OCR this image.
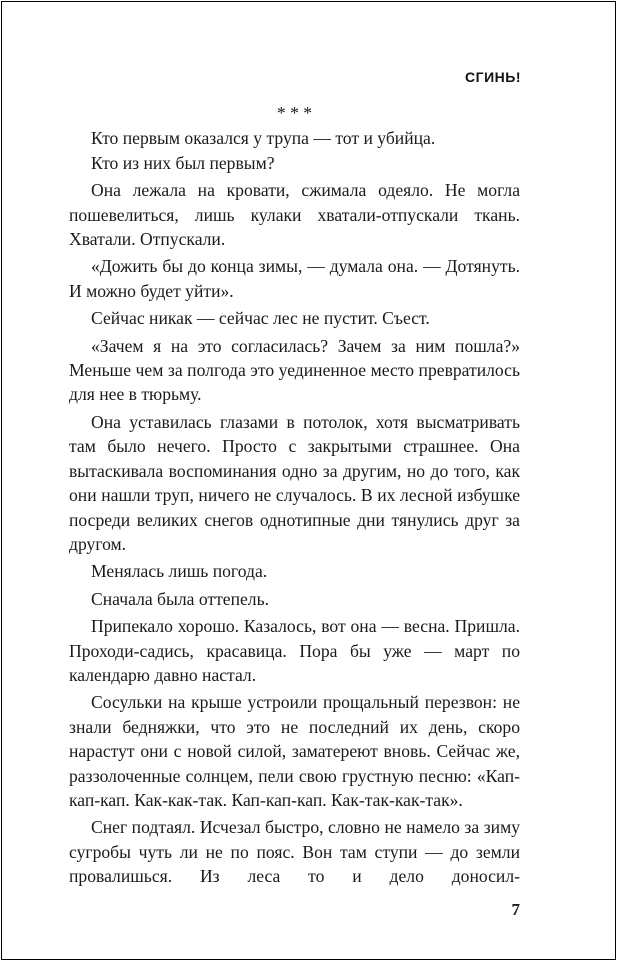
СГИНЬ!

* * *

Кто первым оказался у трупа — тот и убийца.

Кто из них был первым?

Она лежала на кровати, сжимала одеяло. Не могла пошевелиться, лишь кулаки хватали-отпускали ткань. Хватали. Отпускали.

«Дожить бы до конца зимы, — думала она. — Дотянуть. И можно будет уйти».

Сейчас никак — сейчас лес не пустит. Съест.

«Зачем я на это согласилась? Зачем за ним пошла?» Меньше чем за полгода это уединенное место превратилось для нее в тюрьму.

Она уставилась глазами в потолок, хотя высматривать там было нечего. Просто с закрытыми страшнее. Она вытаскивала воспоминания одно за другим, но до того, как они нашли труп, ничего не случалось. В их лесной избушке посреди великих снегов однотипные дни тянулись друг за другом.

Менялась лишь погода.

Сначала была оттепель.

Припекало хорошо. Казалось, вот она — весна. Пришла. Проходи-садись, красавица. Пора бы уже — март по календарю давно настал.

Сосульки на крыше устроили прощальный перезвон: не знали бедняжки, что это не последний их день, скоро нарастут они с новой силой, заматереют вновь. Сейчас же, раззолоченные солнцем, пели свою грустную песню: «Кап-кап-кап. Как-как-так. Кап-кап-кап. Как-так-как-так».

Снег подтаял. Исчезал быстро, словно не намело за зиму сугробы чуть ли не по пояс. Вон там ступи — до земли провалишься. Из леса то и дело доносил-

7
